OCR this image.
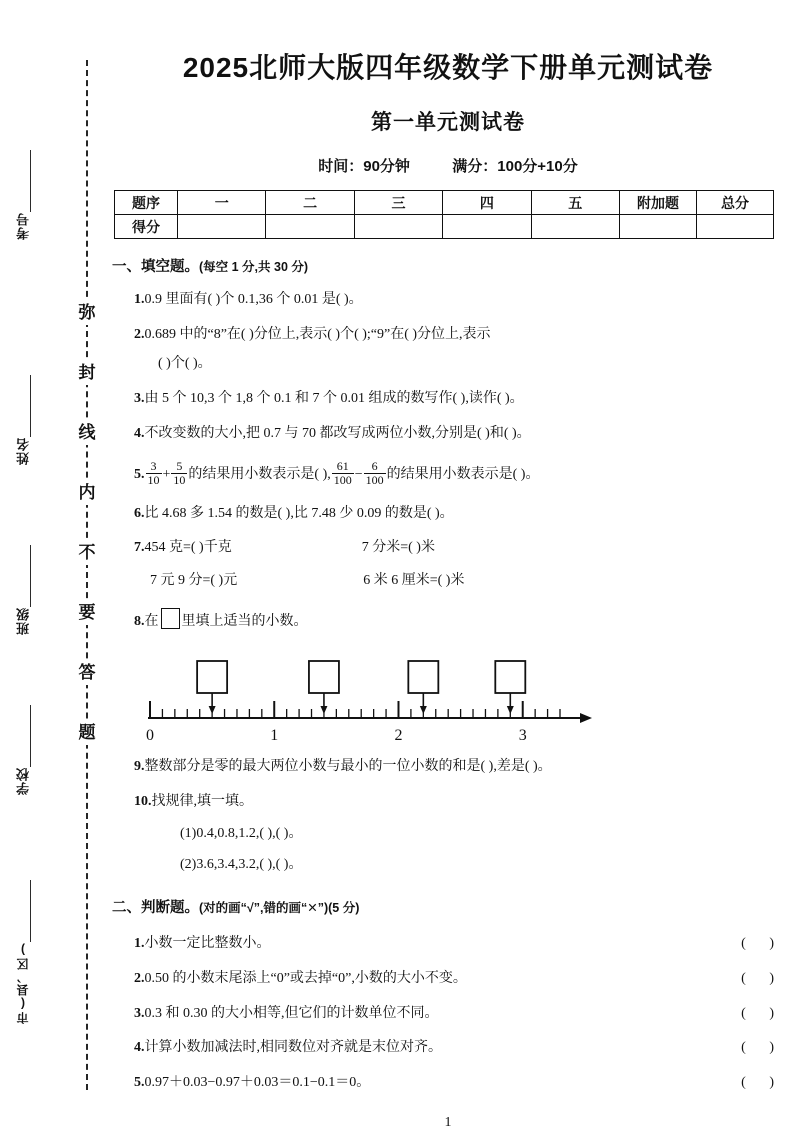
考号
姓名
班级
学校
市(县、区)
弥
封
线
内
不
要
答
题
2025北师大版四年级数学下册单元测试卷
第一单元测试卷
时间：90分钟	满分：100分+10分
题序	一	二	三	四	五	附加题	总分
得分							
一、填空题。(每空 1 分,共 30 分)
1.0.9 里面有( )个 0.1,36 个 0.01 是( )。
2.0.689 中的“8”在( )分位上,表示( )个( );“9”在( )分位上,表示
( )个( )。
3.由 5 个 10,3 个 1,8 个 0.1 和 7 个 0.01 组成的数写作( ),读作( )。
4.不改变数的大小,把 0.7 与 70 都改写成两位小数,分别是( )和( )。
5. $\frac{3}{10} + \frac{5}{10}$ 的结果用小数表示是( ), $\frac{61}{100} - \frac{6}{100}$ 的结果用小数表示是( )。
6.比 4.68 多 1.54 的数是( ),比 7.48 少 0.09 的数是( )。
7.454 克=( )千克	7 分米=( )米
7 元 9 分=( )元	6 米 6 厘米=( )米
8.在 里填上适当的小数。
0	1	2	3
9.整数部分是零的最大两位小数与最小的一位小数的和是( ),差是( )。
10.找规律,填一填。
(1)0.4,0.8,1.2,( ),( )。
(2)3.6,3.4,3.2,( ),( )。
二、判断题。(对的画“√”,错的画“✕”)(5 分)
1.小数一定比整数小。	( )
2.0.50 的小数末尾添上“0”或去掉“0”,小数的大小不变。	( )
3.0.3 和 0.30 的大小相等,但它们的计数单位不同。	( )
4.计算小数加减法时,相同数位对齐就是末位对齐。	( )
5.0.97＋0.03−0.97＋0.03＝0.1−0.1＝0。	( )
1
